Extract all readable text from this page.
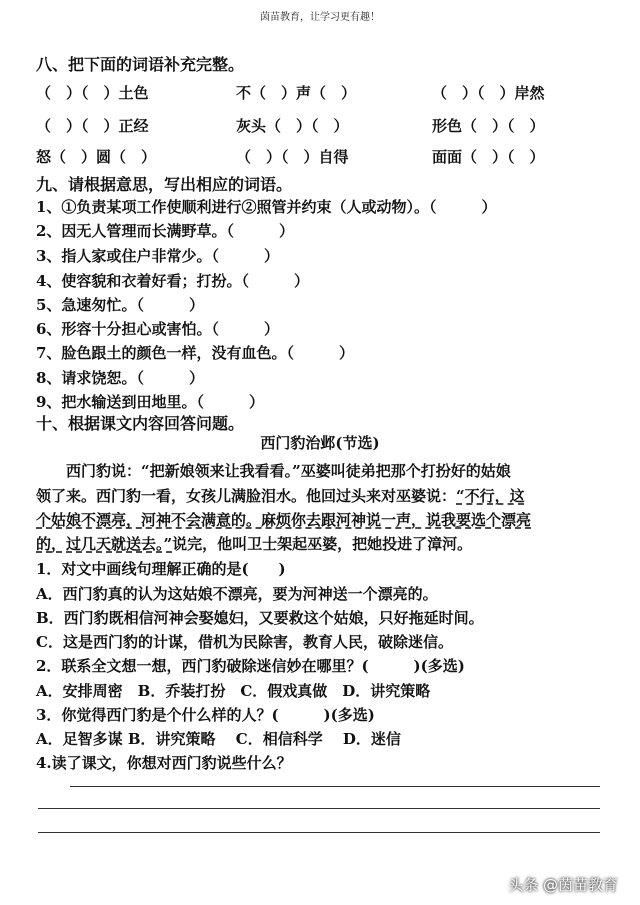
茵苗教育，让学习更有趣！
八、把下面的词语补充完整。
（　）（　）土色	不（　）声（　）	（　）（　）岸然
（　）（　）正经	灰头（　）（　）	形色（　）（　）
怒（　）圆（　）	（　）（　）自得	面面（　）（　）
九、请根据意思，写出相应的词语。
1、①负责某项工作使顺利进行②照管并约束（人或动物）。（　　　）
2、因无人管理而长满野草。（　　　）
3、指人家或住户非常少。（　　　）
4、使容貌和衣着好看；打扮。（　　　）
5、急速匆忙。（　　　）
6、形容十分担心或害怕。（　　　）
7、脸色跟土的颜色一样，没有血色。（　　　）
8、请求饶恕。（　　　）
9、把水输送到田地里。（　　　）
十、根据课文内容回答问题。
西门豹治邺(节选)
　　西门豹说：“把新娘领来让我看看。”巫婆叫徒弟把那个打扮好的姑娘
领了来。西门豹一看，女孩儿满脸泪水。他回过头来对巫婆说：“不行，这
个姑娘不漂亮，河神不会满意的。麻烦你去跟河神说一声，说我要选个漂亮
的，过几天就送去。”说完，他叫卫士架起巫婆，把她投进了漳河。
1．对文中画线句理解正确的是(　　)
A．西门豹真的认为这姑娘不漂亮，要为河神送一个漂亮的。
B．西门豹既相信河神会娶媳妇，又要救这个姑娘，只好拖延时间。
C．这是西门豹的计谋，借机为民除害，教育人民，破除迷信。
2．联系全文想一想，西门豹破除迷信妙在哪里？(　　　)(多选)
A．安排周密　B．乔装打扮　C．假戏真做　D．讲究策略
3．你觉得西门豹是个什么样的人？(　　　)(多选)
A．足智多谋 B．讲究策略　 C．相信科学　 D．迷信
4.读了课文，你想对西门豹说些什么？
头条 @茵苗教育
